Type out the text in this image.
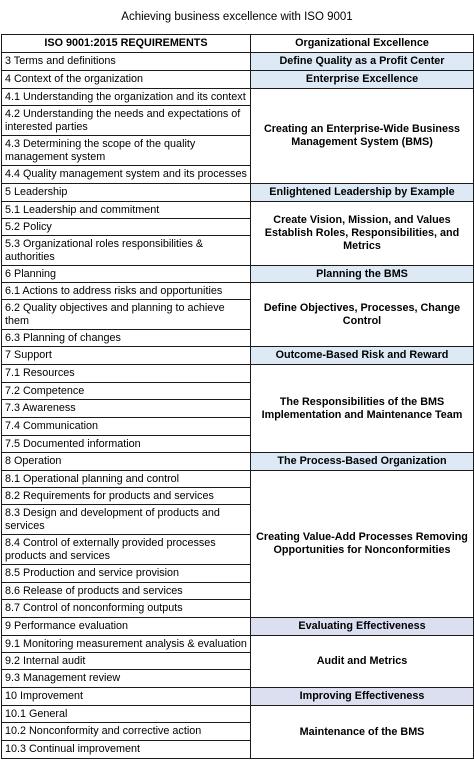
Achieving business excellence with ISO 9001
ISO 9001:2015 REQUIREMENTS	Organizational Excellence
3 Terms and definitions	Define Quality as a Profit Center
4 Context of the organization	Enterprise Excellence
4.1 Understanding the organization and its context	Creating an Enterprise-Wide Business Management System (BMS)
4.2 Understanding the needs and expectations of interested parties	
4.3 Determining the scope of the quality management system	
4.4 Quality management system and its processes	
5 Leadership	Enlightened Leadership by Example
5.1 Leadership and commitment	Create Vision, Mission, and Values Establish Roles, Responsibilities, and Metrics
5.2 Policy	
5.3 Organizational roles responsibilities & authorities	
6 Planning	Planning the BMS
6.1 Actions to address risks and opportunities	Define Objectives, Processes, Change Control
6.2 Quality objectives and planning to achieve them	
6.3 Planning of changes	
7 Support	Outcome-Based Risk and Reward
7.1 Resources	The Responsibilities of the BMS Implementation and Maintenance Team
7.2 Competence	
7.3 Awareness	
7.4 Communication	
7.5 Documented information	
8 Operation	The Process-Based Organization
8.1 Operational planning and control	Creating Value-Add Processes Removing Opportunities for Nonconformities
8.2 Requirements for products and services	
8.3 Design and development of products and services	
8.4 Control of externally provided processes products and services	
8.5 Production and service provision	
8.6 Release of products and services	
8.7 Control of nonconforming outputs	
9 Performance evaluation	Evaluating Effectiveness
9.1 Monitoring measurement analysis & evaluation	Audit and Metrics
9.2 Internal audit	
9.3 Management review	
10 Improvement	Improving Effectiveness
10.1 General	Maintenance of the BMS
10.2 Nonconformity and corrective action	
10.3 Continual improvement	
